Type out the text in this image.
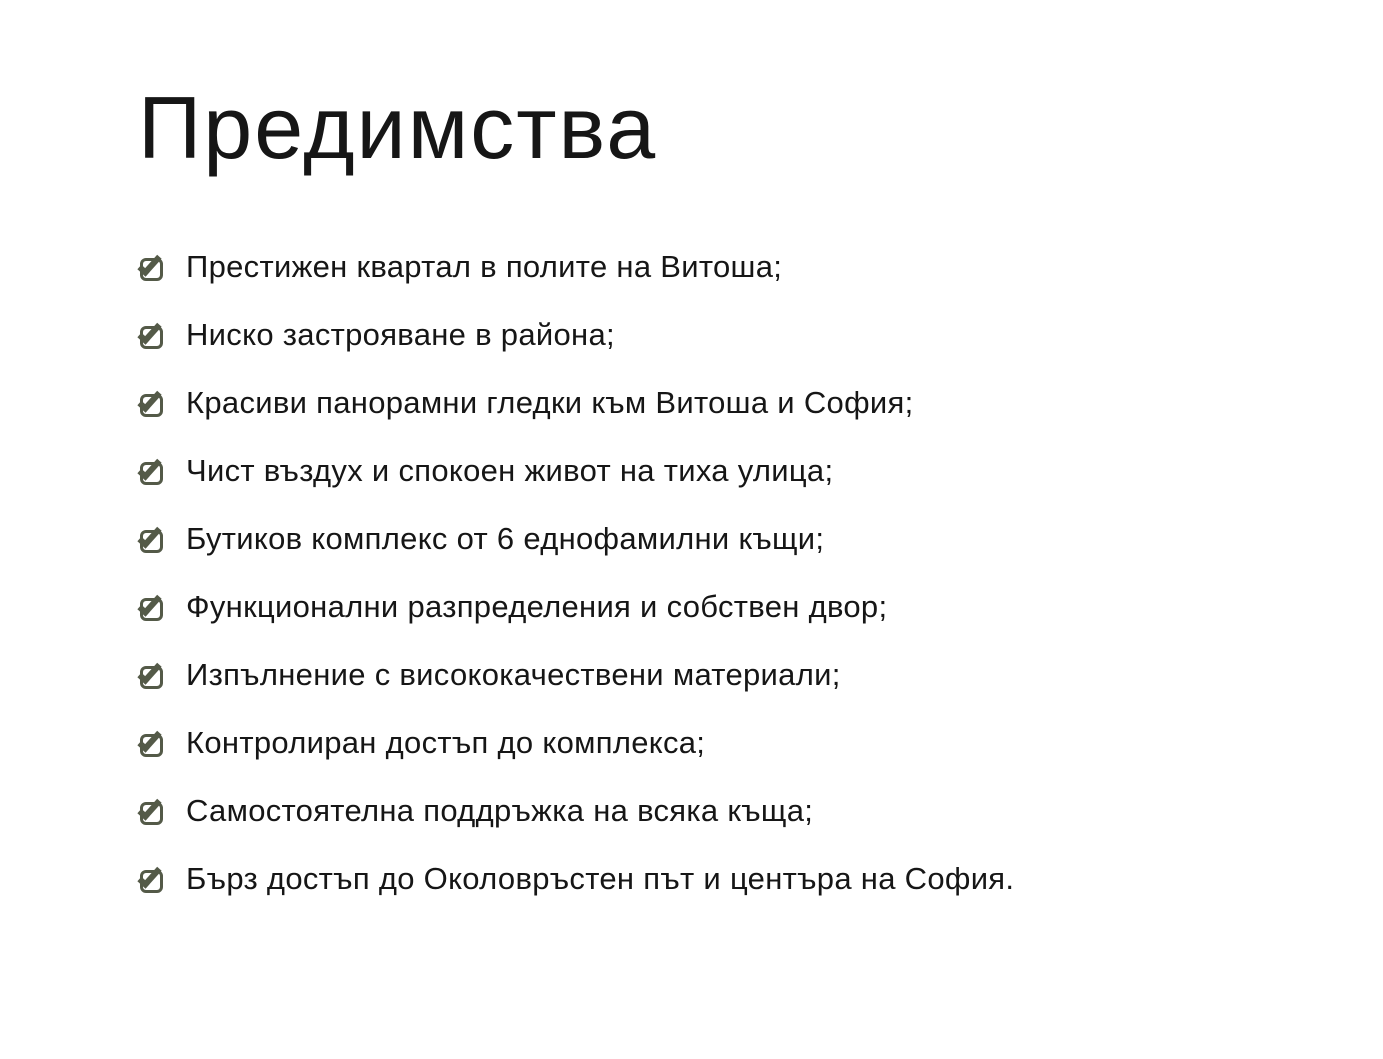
Предимства
Престижен квартал в полите на Витоша;
Ниско застрояване в района;
Красиви панорамни гледки към Витоша и София;
Чист въздух и спокоен живот на тиха улица;
Бутиков комплекс от 6 еднофамилни къщи;
Функционални разпределения и собствен двор;
Изпълнение с висококачествени материали;
Контролиран достъп до комплекса;
Самостоятелна поддръжка на всяка къща;
Бърз достъп до Околовръстен път и центъра на София.
